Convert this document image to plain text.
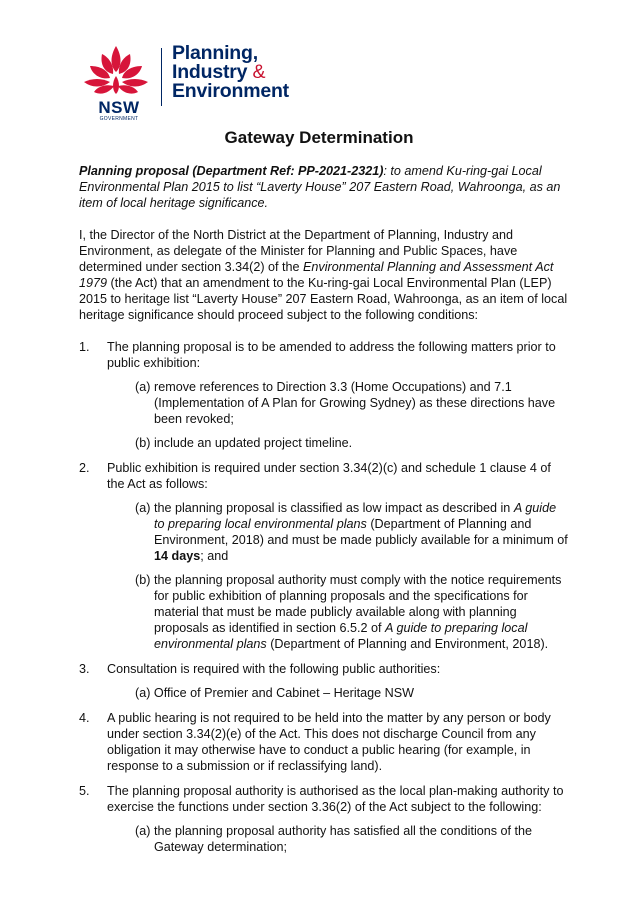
NSW
GOVERNMENT
Planning,
Industry &
Environment
Gateway Determination

Planning proposal (Department Ref: PP-2021-2321): to amend Ku-ring-gai Local Environmental Plan 2015 to list “Laverty House” 207 Eastern Road, Wahroonga, as an item of local heritage significance.

I, the Director of the North District at the Department of Planning, Industry and Environment, as delegate of the Minister for Planning and Public Spaces, have determined under section 3.34(2) of the Environmental Planning and Assessment Act 1979 (the Act) that an amendment to the Ku-ring-gai Local Environmental Plan (LEP) 2015 to heritage list “Laverty House” 207 Eastern Road, Wahroonga, as an item of local heritage significance should proceed subject to the following conditions:

1. The planning proposal is to be amended to address the following matters prior to public exhibition:
(a) remove references to Direction 3.3 (Home Occupations) and 7.1 (Implementation of A Plan for Growing Sydney) as these directions have been revoked;
(b) include an updated project timeline.
2. Public exhibition is required under section 3.34(2)(c) and schedule 1 clause 4 of the Act as follows:
(a) the planning proposal is classified as low impact as described in A guide to preparing local environmental plans (Department of Planning and Environment, 2018) and must be made publicly available for a minimum of 14 days; and
(b) the planning proposal authority must comply with the notice requirements for public exhibition of planning proposals and the specifications for material that must be made publicly available along with planning proposals as identified in section 6.5.2 of A guide to preparing local environmental plans (Department of Planning and Environment, 2018).
3. Consultation is required with the following public authorities:
(a) Office of Premier and Cabinet – Heritage NSW
4. A public hearing is not required to be held into the matter by any person or body under section 3.34(2)(e) of the Act. This does not discharge Council from any obligation it may otherwise have to conduct a public hearing (for example, in response to a submission or if reclassifying land).
5. The planning proposal authority is authorised as the local plan-making authority to exercise the functions under section 3.36(2) of the Act subject to the following:
(a) the planning proposal authority has satisfied all the conditions of the Gateway determination;
